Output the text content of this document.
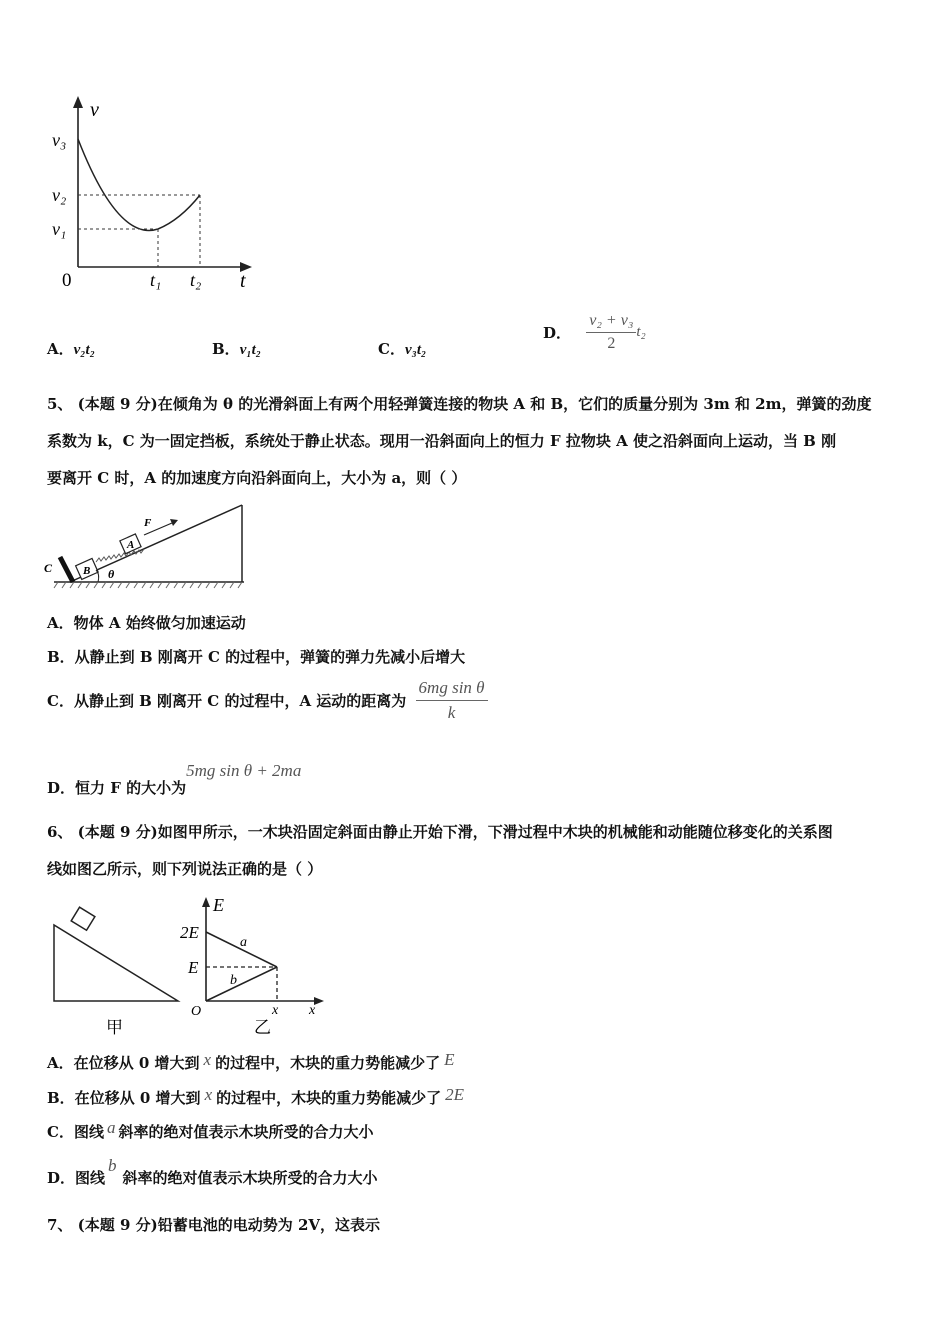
v
t
v₃
v₂
v₁
0	t₁ t₂
A．v₂t₂	B．v₁t₂	C．v₃t₂
D． $\frac{\text{v₂ + v₃}}{2} t_2$
5、 (本题 9 分)在倾角为 θ 的光滑斜面上有两个用轻弹簧连接的物块 A 和 B，它们的质量分别为 3m 和 2m，弹簧的劲度
系数为 k，C 为一固定挡板，系统处于静止状态。现用一沿斜面向上的恒力 F 拉物块 A 使之沿斜面向上运动，当 B 刚
要离开 C 时，A 的加速度方向沿斜面向上，大小为 a，则（ ）
C	B
A
F
θ
A．物体 A 始终做匀加速运动
B．从静止到 B 刚离开 C 的过程中，弹簧的弹力先减小后增大
C．从静止到 B 刚离开 C 的过程中，A 运动的距离为 $\frac{\text{6mg sin θ}}{k}$
D．恒力 F 的大小为5mg sin θ + 2ma
6、 (本题 9 分)如图甲所示，一木块沿固定斜面由静止开始下滑，下滑过程中木块的机械能和动能随位移变化的关系图
线如图乙所示，则下列说法正确的是（ ）
甲
E
2E
E
a
b
O	x x
乙
A．在位移从 0 增大到 x 的过程中，木块的重力势能减少了 E
B．在位移从 0 增大到 x 的过程中，木块的重力势能减少了 2E
C．图线 a 斜率的绝对值表示木块所受的合力大小
D．图线b斜率的绝对值表示木块所受的合力大小
7、 (本题 9 分)铅蓄电池的电动势为 2V，这表示
